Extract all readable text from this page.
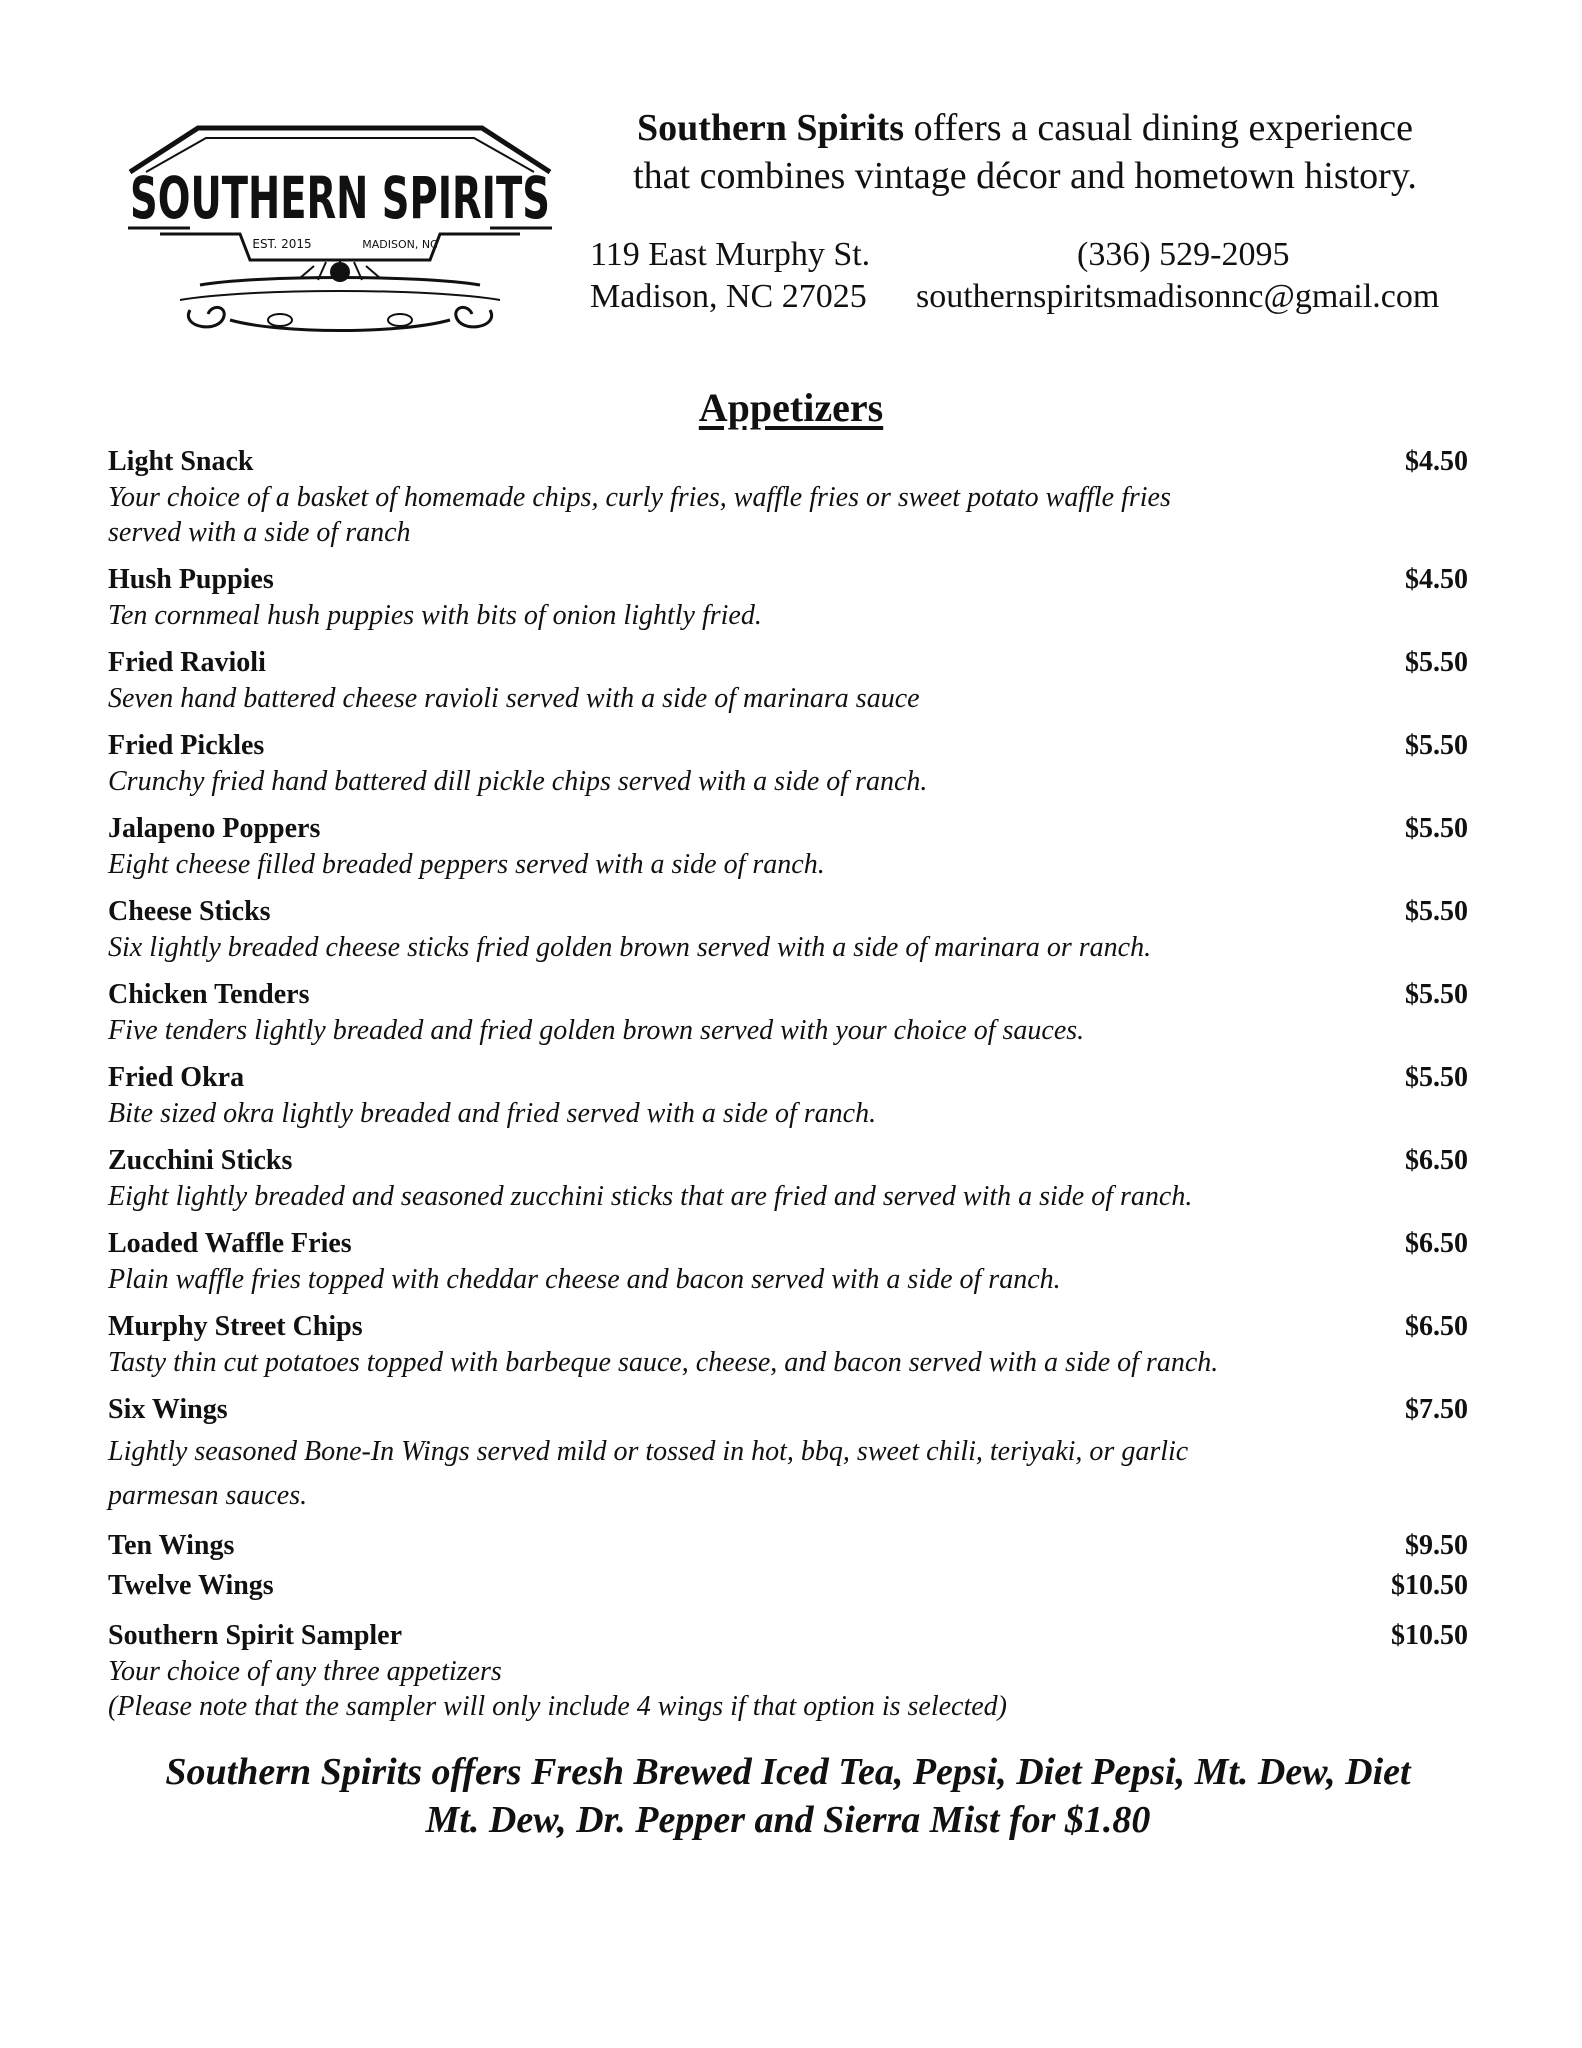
SOUTHERN SPIRITS
EST. 2015	MADISON, NC
Southern Spirits offers a casual dining experience
that combines vintage décor and hometown history.
119 East Murphy St.
Madison, NC 27025
(336) 529-2095
southernspiritsmadisonnc@gmail.com
Appetizers
Light Snack	$4.50
Your choice of a basket of homemade chips, curly fries, waffle fries or sweet potato waffle fries
served with a side of ranch
Hush Puppies	$4.50
Ten cornmeal hush puppies with bits of onion lightly fried.
Fried Ravioli	$5.50
Seven hand battered cheese ravioli served with a side of marinara sauce
Fried Pickles	$5.50
Crunchy fried hand battered dill pickle chips served with a side of ranch.
Jalapeno Poppers	$5.50
Eight cheese filled breaded peppers served with a side of ranch.
Cheese Sticks	$5.50
Six lightly breaded cheese sticks fried golden brown served with a side of marinara or ranch.
Chicken Tenders	$5.50
Five tenders lightly breaded and fried golden brown served with your choice of sauces.
Fried Okra	$5.50
Bite sized okra lightly breaded and fried served with a side of ranch.
Zucchini Sticks	$6.50
Eight lightly breaded and seasoned zucchini sticks that are fried and served with a side of ranch.
Loaded Waffle Fries	$6.50
Plain waffle fries topped with cheddar cheese and bacon served with a side of ranch.
Murphy Street Chips	$6.50
Tasty thin cut potatoes topped with barbeque sauce, cheese, and bacon served with a side of ranch.
Six Wings	$7.50
Lightly seasoned Bone-In Wings served mild or tossed in hot, bbq, sweet chili, teriyaki, or garlic
parmesan sauces.
Ten Wings	$9.50
Twelve Wings	$10.50
Southern Spirit Sampler	$10.50
Your choice of any three appetizers
(Please note that the sampler will only include 4 wings if that option is selected)
Southern Spirits offers Fresh Brewed Iced Tea, Pepsi, Diet Pepsi, Mt. Dew, Diet
Mt. Dew, Dr. Pepper and Sierra Mist for $1.80
